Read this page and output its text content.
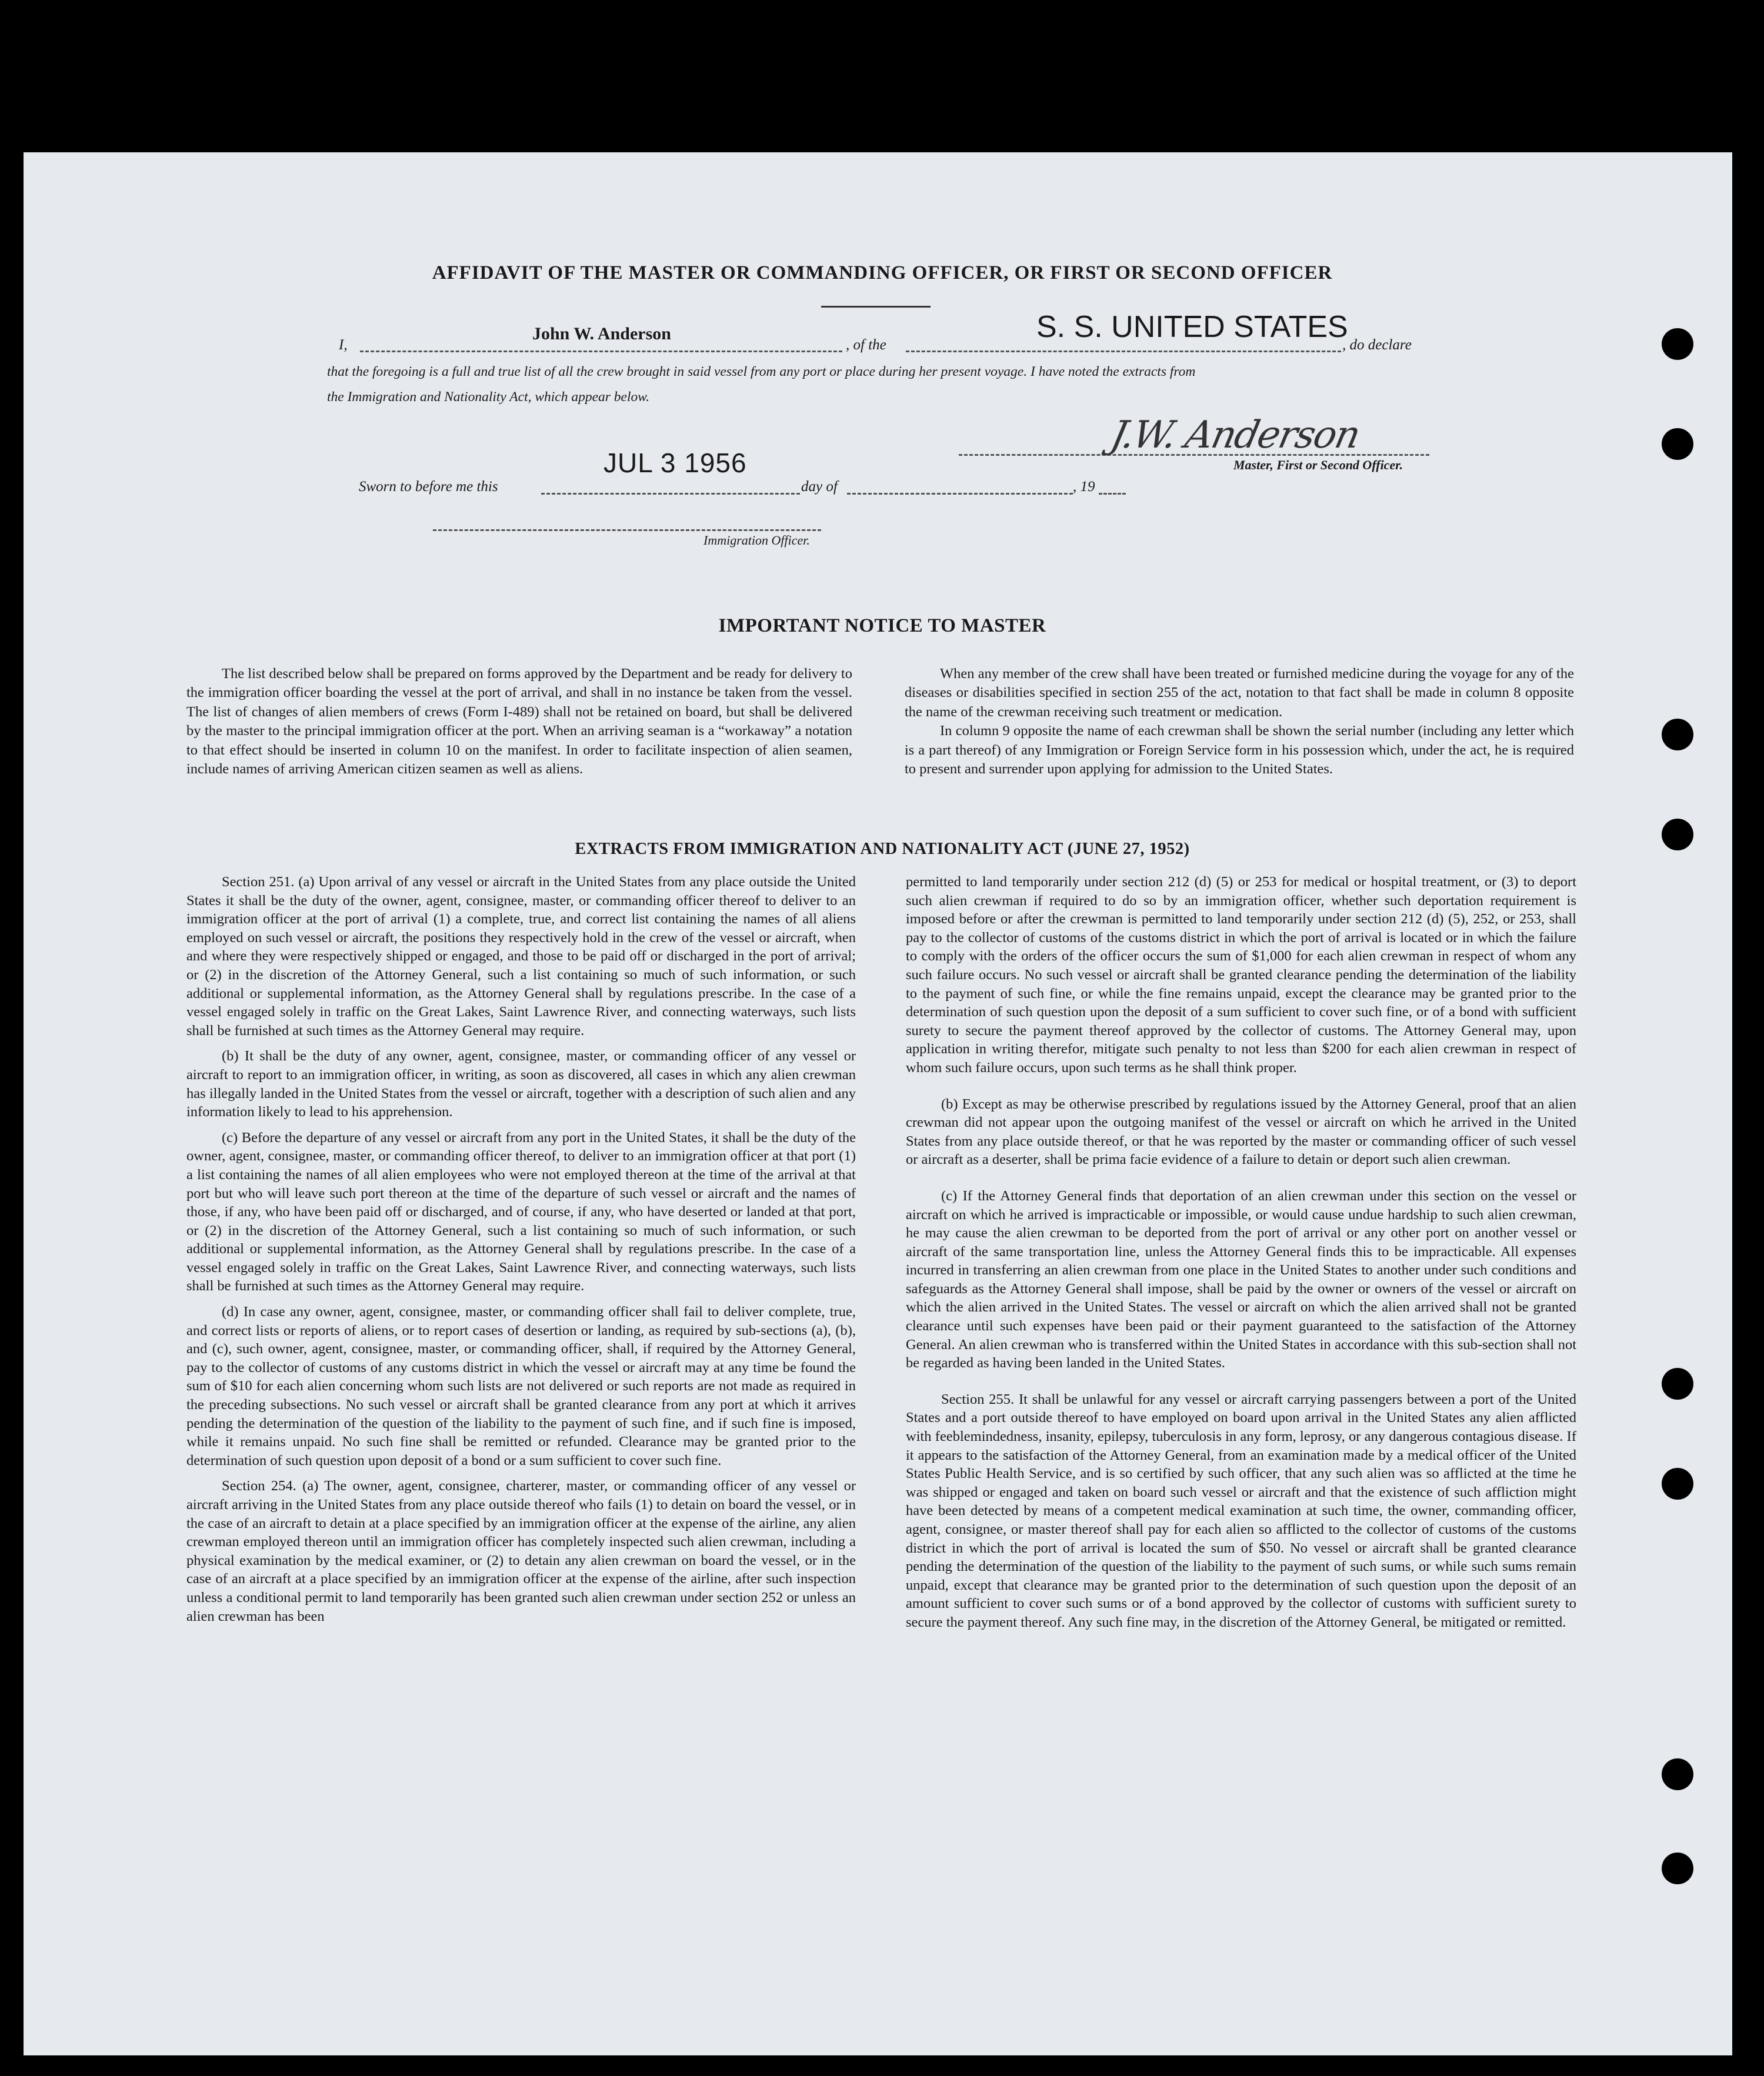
AFFIDAVIT OF THE MASTER OR COMMANDING OFFICER, OR FIRST OR SECOND OFFICER
I,
John W. Anderson
, of the
S. S. UNITED STATES
, do declare
that the foregoing is a full and true list of all the crew brought in said vessel from any port or place during her present voyage. I have noted the extracts from
the Immigration and Nationality Act, which appear below.
J.W. Anderson
Master, First or Second Officer.
JUL 3 1956
Sworn to before me this	day of	, 19
Immigration Officer.
IMPORTANT NOTICE TO MASTER

The list described below shall be prepared on forms approved by the Department and be ready for delivery to the immigration officer boarding the vessel at the port of arrival, and shall in no instance be taken from the vessel. The list of changes of alien members of crews (Form I-489) shall not be retained on board, but shall be delivered by the master to the principal immigration officer at the port. When an arriving seaman is a “workaway” a notation to that effect should be inserted in column 10 on the manifest. In order to facilitate inspection of alien seamen, include names of arriving American citizen seamen as well as aliens.

When any member of the crew shall have been treated or furnished medicine during the voyage for any of the diseases or disabilities specified in section 255 of the act, notation to that fact shall be made in column 8 opposite the name of the crewman receiving such treatment or medication.

In column 9 opposite the name of each crewman shall be shown the serial number (including any letter which is a part thereof) of any Immigration or Foreign Service form in his possession which, under the act, he is required to present and surrender upon applying for admission to the United States.

EXTRACTS FROM IMMIGRATION AND NATIONALITY ACT (JUNE 27, 1952)

Section 251. (a) Upon arrival of any vessel or aircraft in the United States from any place outside the United States it shall be the duty of the owner, agent, consignee, master, or commanding officer thereof to deliver to an immigration officer at the port of arrival (1) a complete, true, and correct list containing the names of all aliens employed on such vessel or aircraft, the positions they respectively hold in the crew of the vessel or aircraft, when and where they were respectively shipped or engaged, and those to be paid off or discharged in the port of arrival; or (2) in the discretion of the Attorney General, such a list containing so much of such information, or such additional or supplemental information, as the Attorney General shall by regulations prescribe. In the case of a vessel engaged solely in traffic on the Great Lakes, Saint Lawrence River, and connecting waterways, such lists shall be furnished at such times as the Attorney General may require.

(b) It shall be the duty of any owner, agent, consignee, master, or commanding officer of any vessel or aircraft to report to an immigration officer, in writing, as soon as discovered, all cases in which any alien crewman has illegally landed in the United States from the vessel or aircraft, together with a description of such alien and any information likely to lead to his apprehension.

(c) Before the departure of any vessel or aircraft from any port in the United States, it shall be the duty of the owner, agent, consignee, master, or commanding officer thereof, to deliver to an immigration officer at that port (1) a list containing the names of all alien employees who were not employed thereon at the time of the arrival at that port but who will leave such port thereon at the time of the departure of such vessel or aircraft and the names of those, if any, who have been paid off or discharged, and of course, if any, who have deserted or landed at that port, or (2) in the discretion of the Attorney General, such a list containing so much of such information, or such additional or supplemental information, as the Attorney General shall by regulations prescribe. In the case of a vessel engaged solely in traffic on the Great Lakes, Saint Lawrence River, and connecting waterways, such lists shall be furnished at such times as the Attorney General may require.

(d) In case any owner, agent, consignee, master, or commanding officer shall fail to deliver complete, true, and correct lists or reports of aliens, or to report cases of desertion or landing, as required by sub-sections (a), (b), and (c), such owner, agent, consignee, master, or commanding officer, shall, if required by the Attorney General, pay to the collector of customs of any customs district in which the vessel or aircraft may at any time be found the sum of $10 for each alien concerning whom such lists are not delivered or such reports are not made as required in the preceding subsections. No such vessel or aircraft shall be granted clearance from any port at which it arrives pending the determination of the question of the liability to the payment of such fine, and if such fine is imposed, while it remains unpaid. No such fine shall be remitted or refunded. Clearance may be granted prior to the determination of such question upon deposit of a bond or a sum sufficient to cover such fine.

Section 254. (a) The owner, agent, consignee, charterer, master, or commanding officer of any vessel or aircraft arriving in the United States from any place outside thereof who fails (1) to detain on board the vessel, or in the case of an aircraft to detain at a place specified by an immigration officer at the expense of the airline, any alien crewman employed thereon until an immigration officer has completely inspected such alien crewman, including a physical examination by the medical examiner, or (2) to detain any alien crewman on board the vessel, or in the case of an aircraft at a place specified by an immigration officer at the expense of the airline, after such inspection unless a conditional permit to land temporarily has been granted such alien crewman under section 252 or unless an alien crewman has been

permitted to land temporarily under section 212 (d) (5) or 253 for medical or hospital treatment, or (3) to deport such alien crewman if required to do so by an immigration officer, whether such deportation requirement is imposed before or after the crewman is permitted to land temporarily under section 212 (d) (5), 252, or 253, shall pay to the collector of customs of the customs district in which the port of arrival is located or in which the failure to comply with the orders of the officer occurs the sum of $1,000 for each alien crewman in respect of whom any such failure occurs. No such vessel or aircraft shall be granted clearance pending the determination of the liability to the payment of such fine, or while the fine remains unpaid, except the clearance may be granted prior to the determination of such question upon the deposit of a sum sufficient to cover such fine, or of a bond with sufficient surety to secure the payment thereof approved by the collector of customs. The Attorney General may, upon application in writing therefor, mitigate such penalty to not less than $200 for each alien crewman in respect of whom such failure occurs, upon such terms as he shall think proper.

(b) Except as may be otherwise prescribed by regulations issued by the Attorney General, proof that an alien crewman did not appear upon the outgoing manifest of the vessel or aircraft on which he arrived in the United States from any place outside thereof, or that he was reported by the master or commanding officer of such vessel or aircraft as a deserter, shall be prima facie evidence of a failure to detain or deport such alien crewman.

(c) If the Attorney General finds that deportation of an alien crewman under this section on the vessel or aircraft on which he arrived is impracticable or impossible, or would cause undue hardship to such alien crewman, he may cause the alien crewman to be deported from the port of arrival or any other port on another vessel or aircraft of the same transportation line, unless the Attorney General finds this to be impracticable. All expenses incurred in transferring an alien crewman from one place in the United States to another under such conditions and safeguards as the Attorney General shall impose, shall be paid by the owner or owners of the vessel or aircraft on which the alien arrived in the United States. The vessel or aircraft on which the alien arrived shall not be granted clearance until such expenses have been paid or their payment guaranteed to the satisfaction of the Attorney General. An alien crewman who is transferred within the United States in accordance with this sub-section shall not be regarded as having been landed in the United States.

Section 255. It shall be unlawful for any vessel or aircraft carrying passengers between a port of the United States and a port outside thereof to have employed on board upon arrival in the United States any alien afflicted with feeblemindedness, insanity, epilepsy, tuberculosis in any form, leprosy, or any dangerous contagious disease. If it appears to the satisfaction of the Attorney General, from an examination made by a medical officer of the United States Public Health Service, and is so certified by such officer, that any such alien was so afflicted at the time he was shipped or engaged and taken on board such vessel or aircraft and that the existence of such affliction might have been detected by means of a competent medical examination at such time, the owner, commanding officer, agent, consignee, or master thereof shall pay for each alien so afflicted to the collector of customs of the customs district in which the port of arrival is located the sum of $50. No vessel or aircraft shall be granted clearance pending the determination of the question of the liability to the payment of such sums, or while such sums remain unpaid, except that clearance may be granted prior to the determination of such question upon the deposit of an amount sufficient to cover such sums or of a bond approved by the collector of customs with sufficient surety to secure the payment thereof. Any such fine may, in the discretion of the Attorney General, be mitigated or remitted.
